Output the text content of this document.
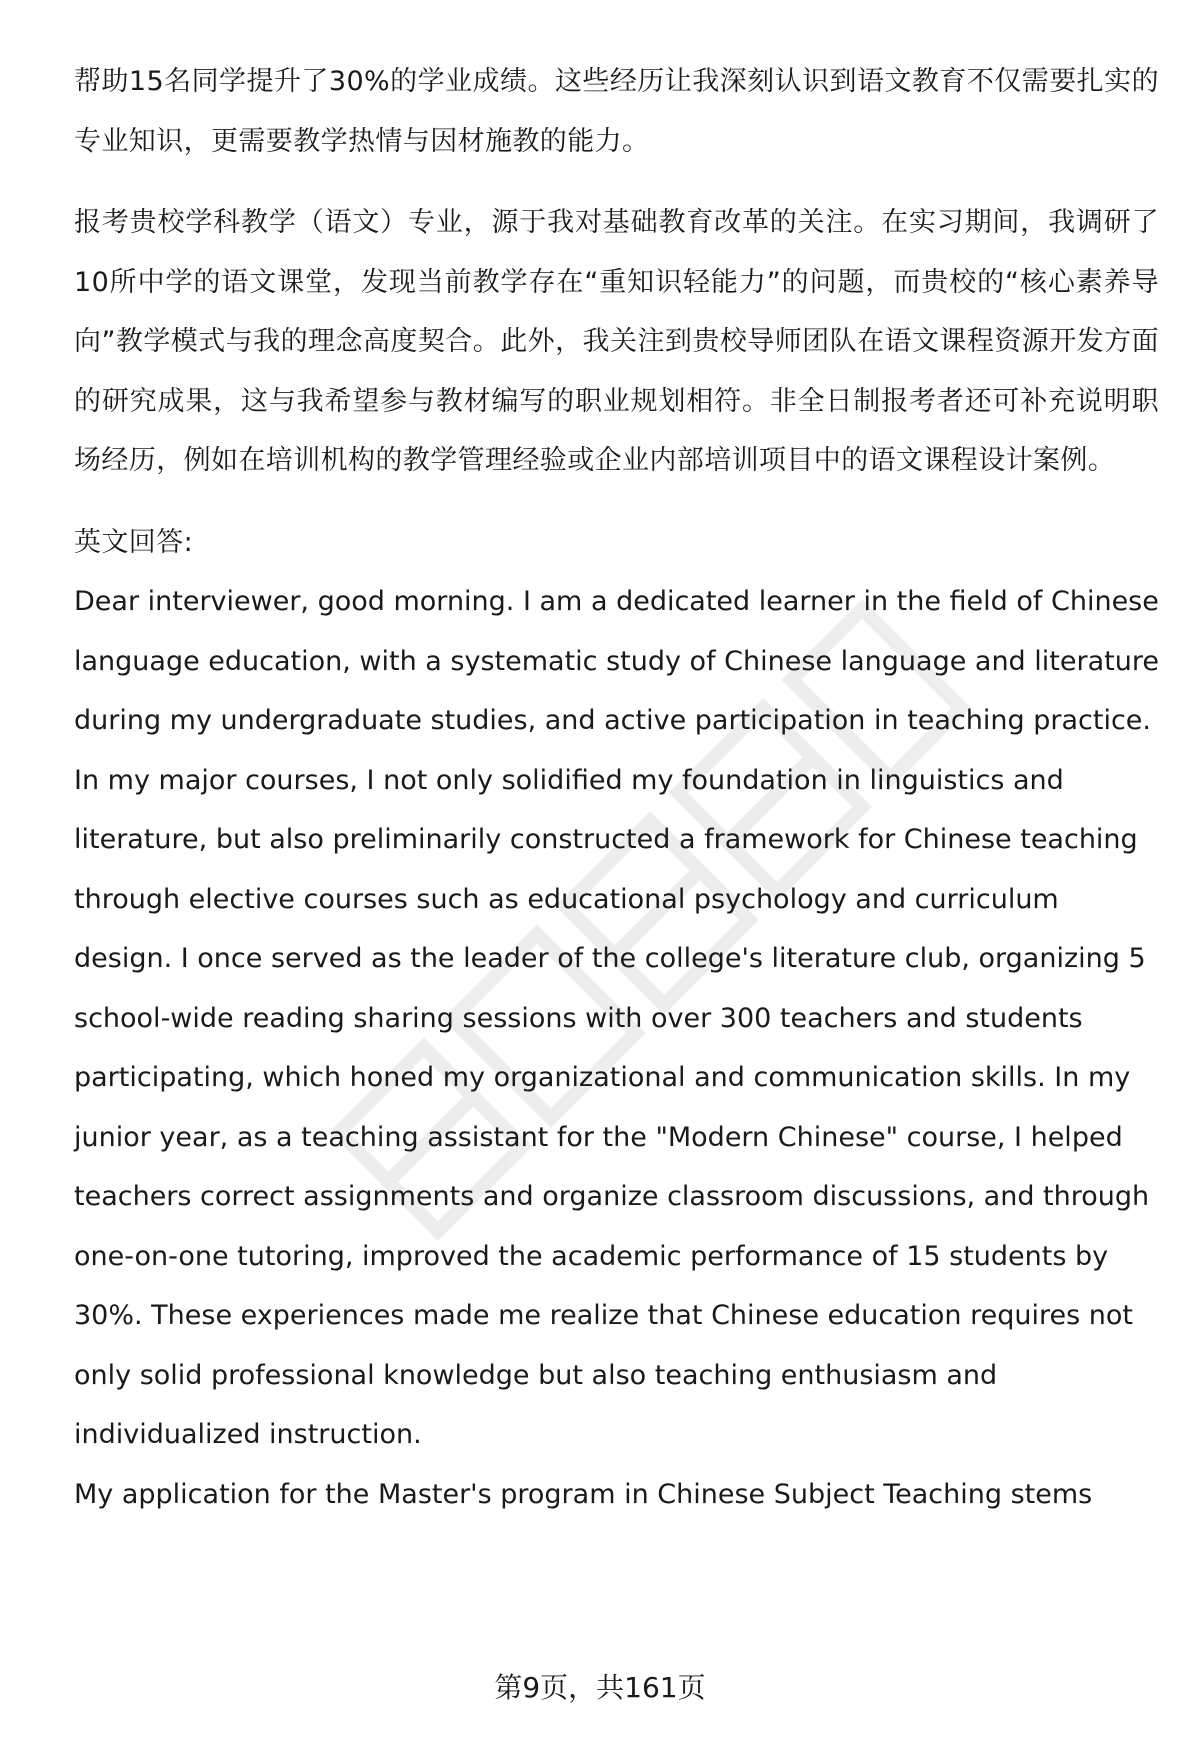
帮助15名同学提升了30%的学业成绩。这些经历让我深刻认识到语文教育不仅需要扎实的专业知识，更需要教学热情与因材施教的能力。

报考贵校学科教学（语文）专业，源于我对基础教育改革的关注。在实习期间，我调研了10所中学的语文课堂，发现当前教学存在“重知识轻能力”的问题，而贵校的“核心素养导向”教学模式与我的理念高度契合。此外，我关注到贵校导师团队在语文课程资源开发方面的研究成果，这与我希望参与教材编写的职业规划相符。非全日制报考者还可补充说明职场经历，例如在培训机构的教学管理经验或企业内部培训项目中的语文课程设计案例。

英文回答:

Dear interviewer, good morning. I am a dedicated learner in the field of Chinese language education, with a systematic study of Chinese language and literature during my undergraduate studies, and active participation in teaching practice. In my major courses, I not only solidified my foundation in linguistics and literature, but also preliminarily constructed a framework for Chinese teaching through elective courses such as educational psychology and curriculum design. I once served as the leader of the college's literature club, organizing 5 school-wide reading sharing sessions with over 300 teachers and students participating, which honed my organizational and communication skills. In my junior year, as a teaching assistant for the "Modern Chinese" course, I helped teachers correct assignments and organize classroom discussions, and through one-on-one tutoring, improved the academic performance of 15 students by 30%. These experiences made me realize that Chinese education requires not only solid professional knowledge but also teaching enthusiasm and individualized instruction.

My application for the Master's program in Chinese Subject Teaching stems

第9页，共161页
